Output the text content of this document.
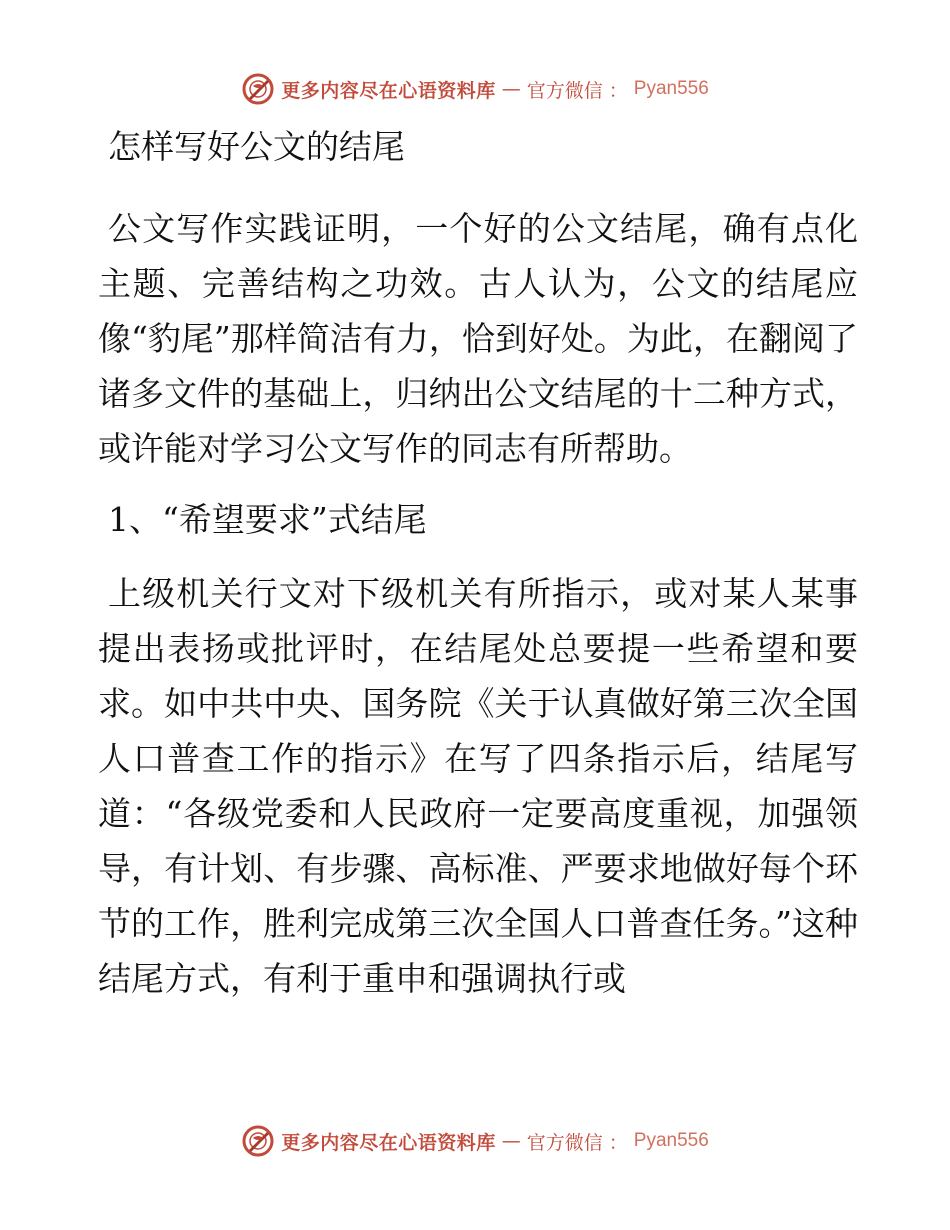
更多内容尽在心语资料库 — 官方微信 ： Pyan556
怎样写好公文的结尾

公文写作实践证明，一个好的公文结尾，确有点化主题、完善结构之功效。古人认为，公文的结尾应像“豹尾”那样简洁有力，恰到好处。为此，在翻阅了诸多文件的基础上，归纳出公文结尾的十二种方式，或许能对学习公文写作的同志有所帮助。

1、“希望要求”式结尾

上级机关行文对下级机关有所指示，或对某人某事提出表扬或批评时，在结尾处总要提一些希望和要求。如中共中央、国务院《关于认真做好第三次全国人口普查工作的指示》在写了四条指示后，结尾写道：“各级党委和人民政府一定要高度重视，加强领导，有计划、有步骤、高标准、严要求地做好每个环节的工作，胜利完成第三次全国人口普查任务。”这种结尾方式，有利于重申和强调执行或

更多内容尽在心语资料库 — 官方微信 ： Pyan556
